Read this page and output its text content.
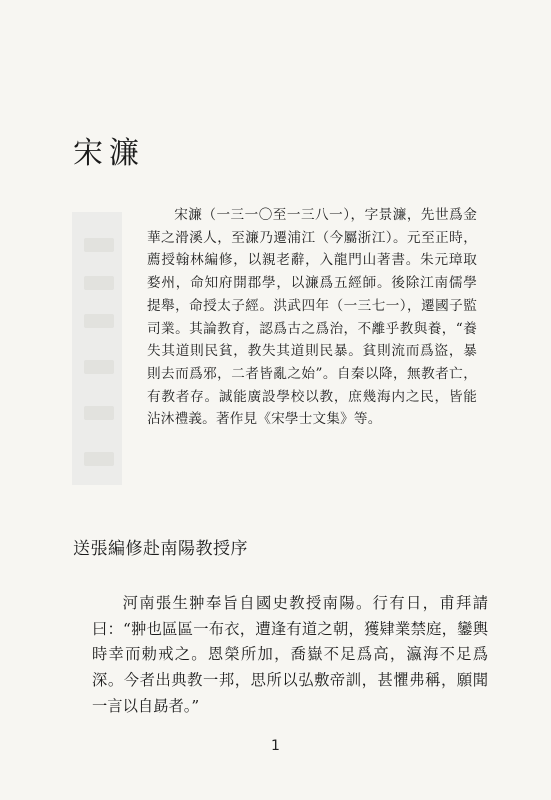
宋濂

宋濂（一三一〇至一三八一），字景濂，先世爲金華之滑溪人，至濂乃遷浦江（今屬浙江）。元至正時，薦授翰林編修，以親老辭，入龍門山著書。朱元璋取婺州，命知府開郡學，以濂爲五經師。後除江南儒學提舉，命授太子經。洪武四年（一三七一），遷國子監司業。其論教育，認爲古之爲治，不離乎教與養，“養失其道則民貧，教失其道則民暴。貧則流而爲盜，暴則去而爲邪，二者皆亂之始”。自秦以降，無教者亡，有教者存。誠能廣設學校以教，庶幾海内之民，皆能沾沐禮義。著作見《宋學士文集》等。

送張編修赴南陽教授序

河南張生翀奉旨自國史教授南陽。行有日，甫拜請曰：“翀也區區一布衣，遭逢有道之朝，獲肄業禁庭，鑾輿時幸而勅戒之。恩榮所加，喬嶽不足爲高，瀛海不足爲深。今者出典教一邦，思所以弘敷帝訓，甚懼弗稱，願聞一言以自勗者。”

1
